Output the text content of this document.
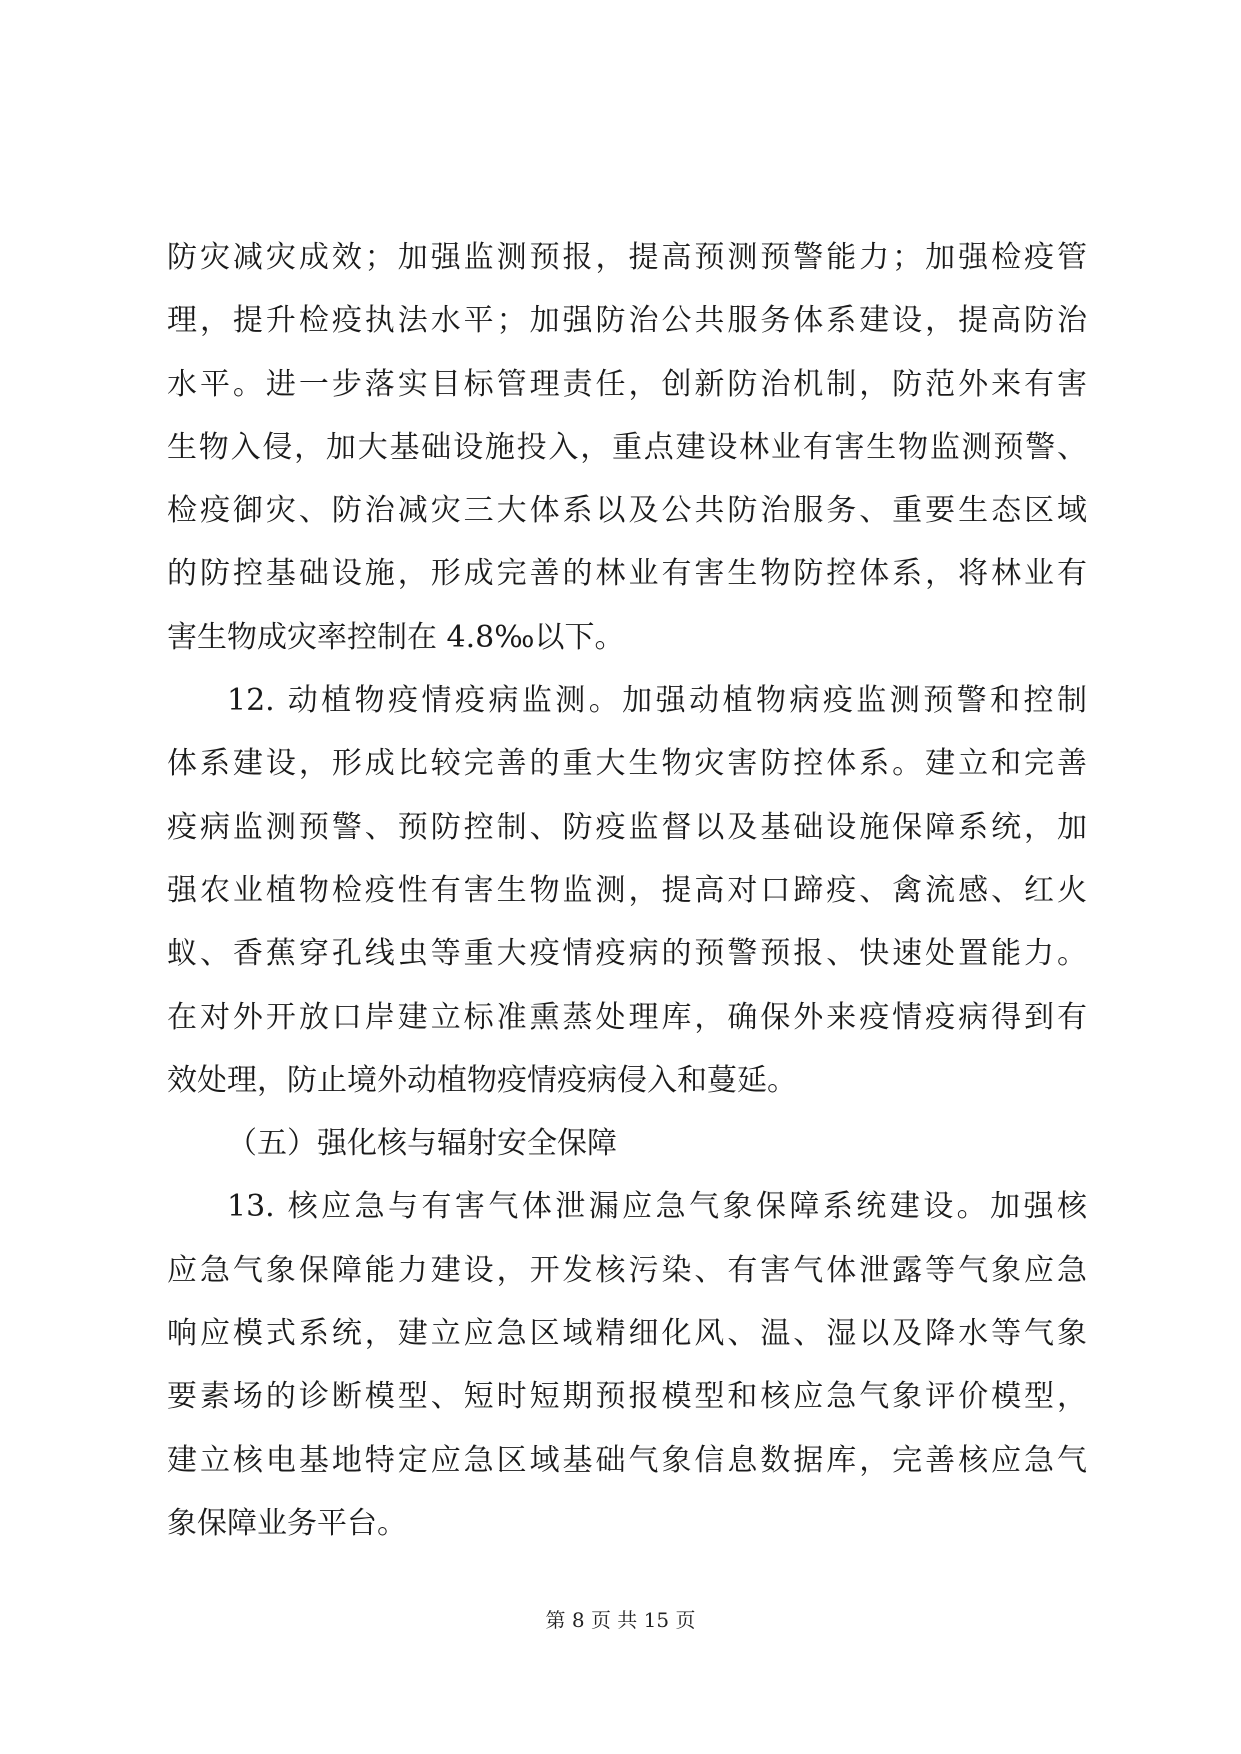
防灾减灾成效；加强监测预报，提高预测预警能力；加强检疫管
理，提升检疫执法水平；加强防治公共服务体系建设，提高防治
水平。进一步落实目标管理责任，创新防治机制，防范外来有害
生物入侵，加大基础设施投入，重点建设林业有害生物监测预警、
检疫御灾、防治减灾三大体系以及公共防治服务、重要生态区域
的防控基础设施，形成完善的林业有害生物防控体系，将林业有
害生物成灾率控制在 4.8‰以下。
12. 动植物疫情疫病监测。加强动植物病疫监测预警和控制
体系建设，形成比较完善的重大生物灾害防控体系。建立和完善
疫病监测预警、预防控制、防疫监督以及基础设施保障系统，加
强农业植物检疫性有害生物监测，提高对口蹄疫、禽流感、红火
蚁、香蕉穿孔线虫等重大疫情疫病的预警预报、快速处置能力。
在对外开放口岸建立标准熏蒸处理库，确保外来疫情疫病得到有
效处理，防止境外动植物疫情疫病侵入和蔓延。
（五）强化核与辐射安全保障
13. 核应急与有害气体泄漏应急气象保障系统建设。加强核
应急气象保障能力建设，开发核污染、有害气体泄露等气象应急
响应模式系统，建立应急区域精细化风、温、湿以及降水等气象
要素场的诊断模型、短时短期预报模型和核应急气象评价模型，
建立核电基地特定应急区域基础气象信息数据库，完善核应急气
象保障业务平台。
第 8 页 共 15 页
